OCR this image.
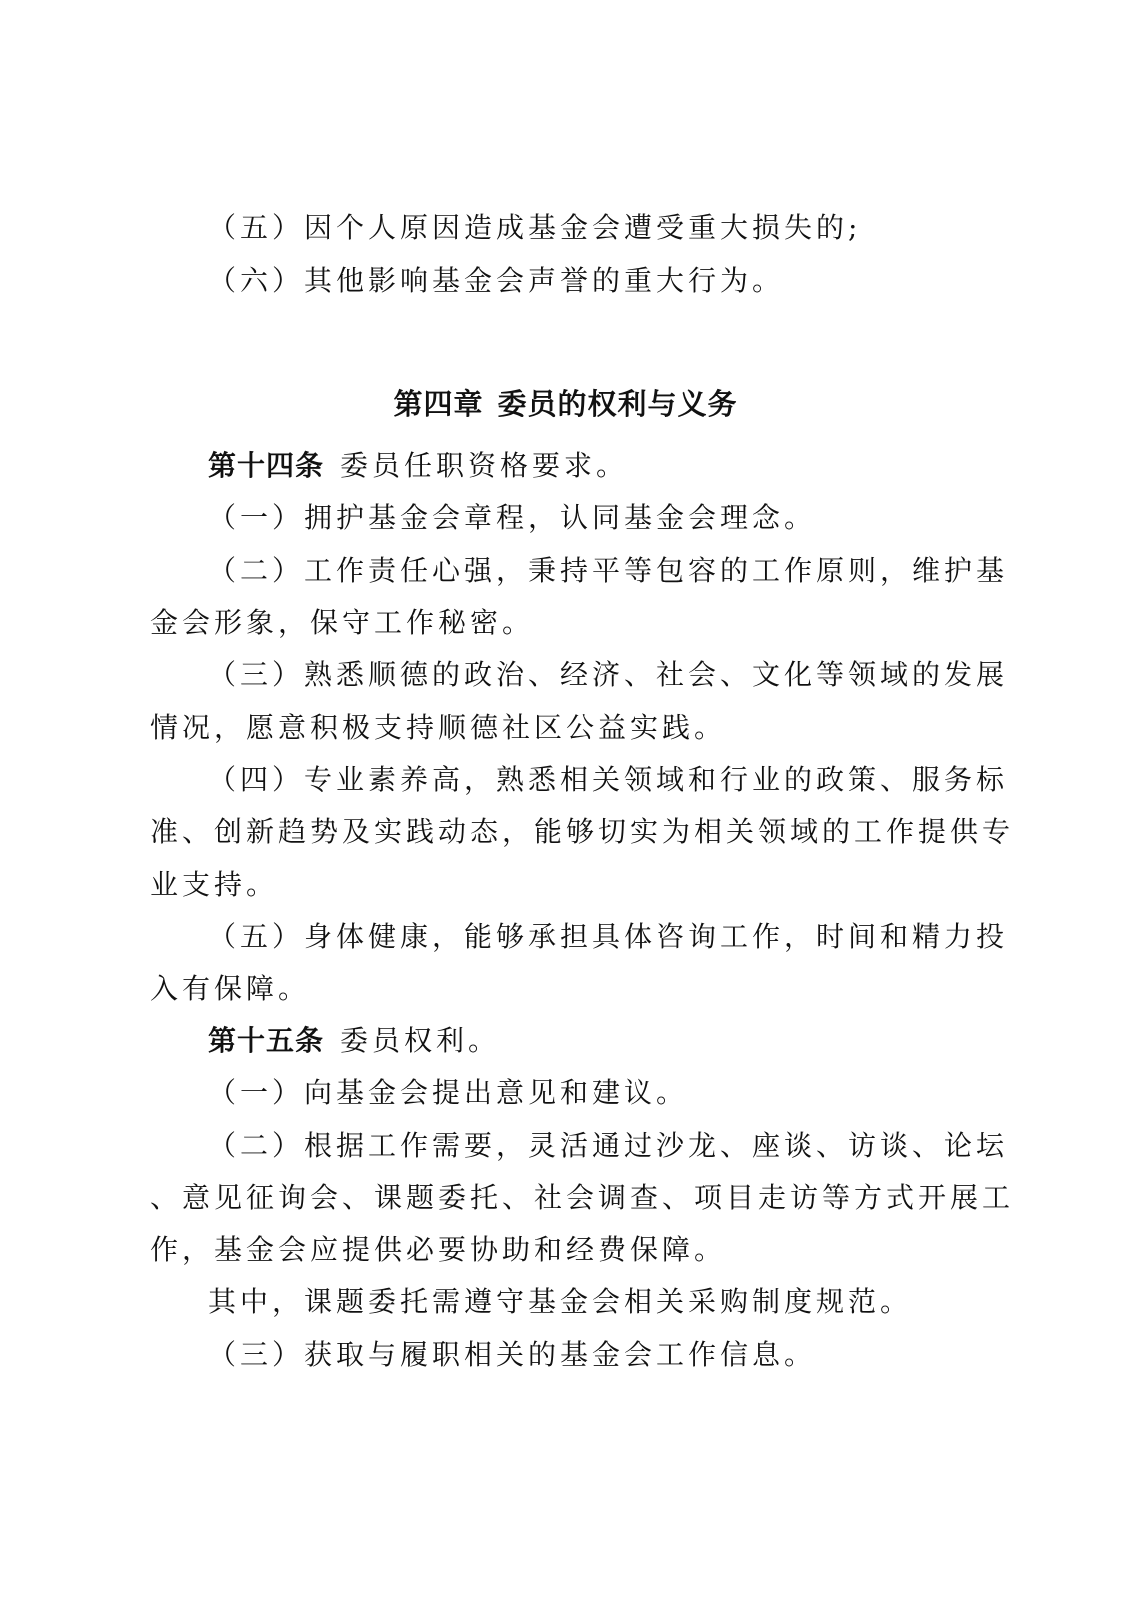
（五）因个人原因造成基金会遭受重大损失的;
（六）其他影响基金会声誉的重大行为。
第四章 委员的权利与义务
第十四条 委员任职资格要求。
（一）拥护基金会章程，认同基金会理念。
（二）工作责任心强，秉持平等包容的工作原则，维护基
金会形象，保守工作秘密。
（三）熟悉顺德的政治、经济、社会、文化等领域的发展
情况，愿意积极支持顺德社区公益实践。
（四）专业素养高，熟悉相关领域和行业的政策、服务标
准、创新趋势及实践动态，能够切实为相关领域的工作提供专
业支持。
（五）身体健康，能够承担具体咨询工作，时间和精力投
入有保障。
第十五条 委员权利。
（一）向基金会提出意见和建议。
（二）根据工作需要，灵活通过沙龙、座谈、访谈、论坛
、意见征询会、课题委托、社会调查、项目走访等方式开展工
作，基金会应提供必要协助和经费保障。
其中，课题委托需遵守基金会相关采购制度规范。
（三）获取与履职相关的基金会工作信息。
